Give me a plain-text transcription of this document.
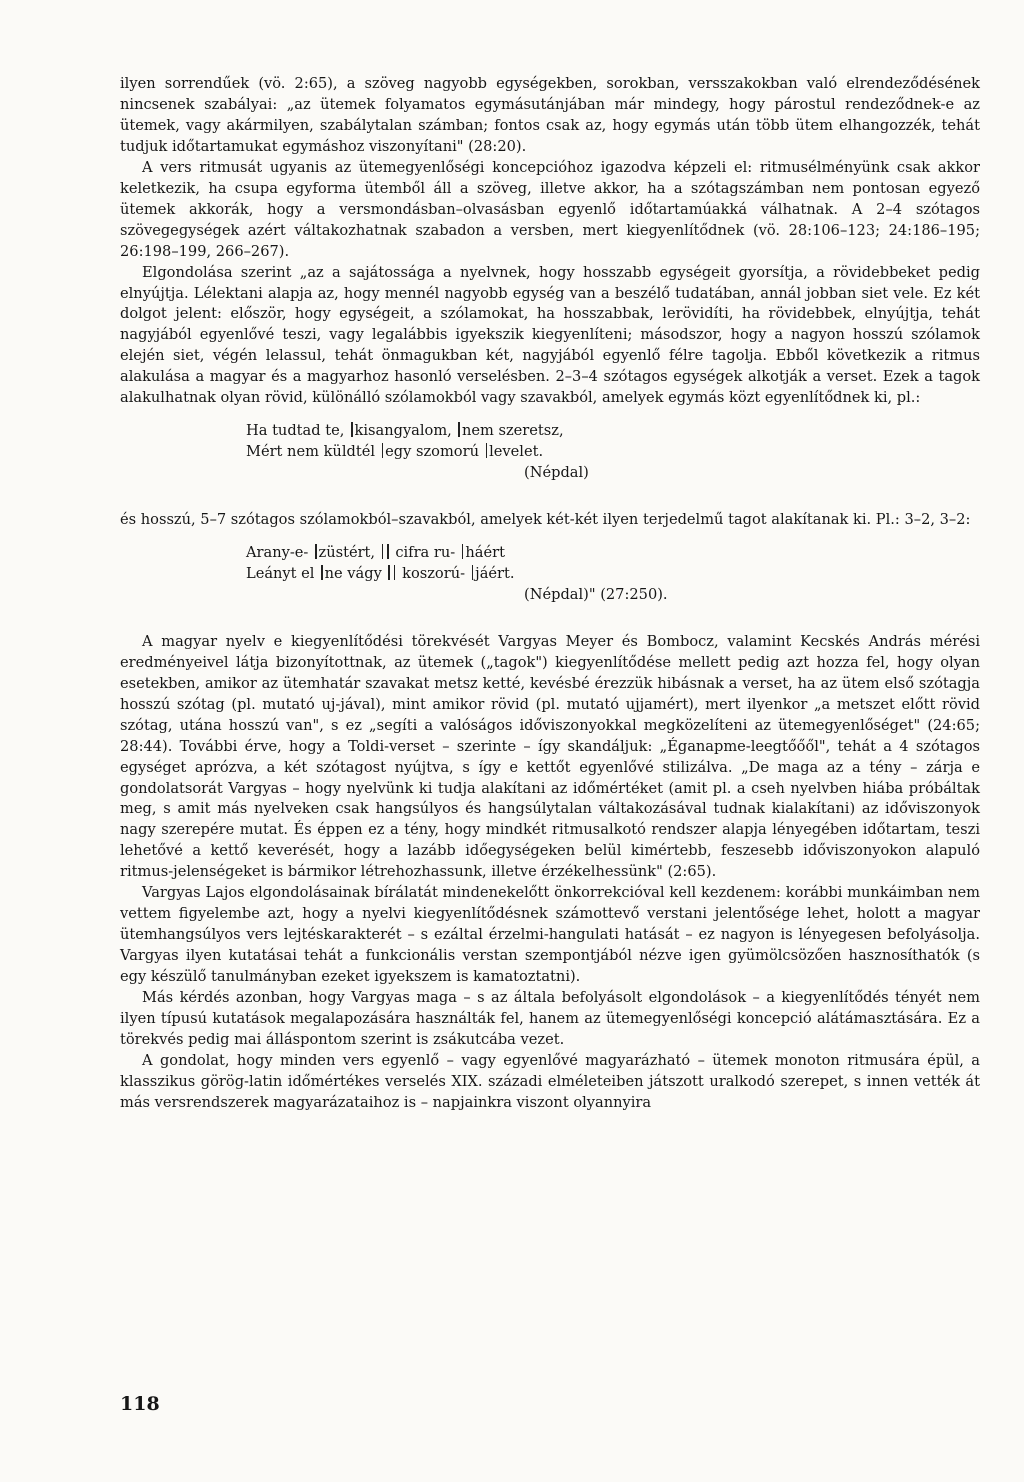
ilyen sorrendűek (vö. 2:65), a szöveg nagyobb egységekben, sorokban, versszakokban való elrendeződésének nincsenek szabályai: „az ütemek folyamatos egymásutánjában már mindegy, hogy párostul rendeződnek-e az ütemek, vagy akármilyen, szabálytalan számban; fontos csak az, hogy egymás után több ütem elhangozzék, tehát tudjuk időtartamukat egymáshoz viszonyítani" (28:20).

A vers ritmusát ugyanis az ütemegyenlőségi koncepcióhoz igazodva képzeli el: ritmusélményünk csak akkor keletkezik, ha csupa egyforma ütemből áll a szöveg, illetve akkor, ha a szótagszámban nem pontosan egyező ütemek akkorák, hogy a versmondásban–olvasásban egyenlő időtartamúakká válhatnak. A 2–4 szótagos szövegegységek azért váltakozhatnak szabadon a versben, mert kiegyenlítődnek (vö. 28:106–123; 24:186–195; 26:198–199, 266–267).

Elgondolása szerint „az a sajátossága a nyelvnek, hogy hosszabb egységeit gyorsítja, a rövidebbeket pedig elnyújtja. Lélektani alapja az, hogy mennél nagyobb egység van a beszélő tudatában, annál jobban siet vele. Ez két dolgot jelent: először, hogy egységeit, a szólamokat, ha hosszabbak, lerövidíti, ha rövidebbek, elnyújtja, tehát nagyjából egyenlővé teszi, vagy legalábbis igyekszik kiegyenlíteni; másodszor, hogy a nagyon hosszú szólamok elején siet, végén lelassul, tehát önmagukban két, nagyjából egyenlő félre tagolja. Ebből következik a ritmus alakulása a magyar és a magyarhoz hasonló verselésben. 2–3–4 szótagos egységek alkotják a verset. Ezek a tagok alakulhatnak olyan rövid, különálló szólamokból vagy szavakból, amelyek egymás közt egyenlítődnek ki, pl.:

Ha tudtad te, kisangyalom, nem szeretsz,
Mért nem küldtél egy szomorú levelet.
(Népdal)

és hosszú, 5–7 szótagos szólamokból–szavakból, amelyek két-két ilyen terjedelmű tagot alakítanak ki. Pl.: 3–2, 3–2:

Arany-e- züstért,  cifra ru- háért
Leányt el ne vágy  koszorú- jáért.
(Népdal)" (27:250).

A magyar nyelv e kiegyenlítődési törekvését Vargyas Meyer és Bombocz, valamint Kecskés András mérési eredményeivel látja bizonyítottnak, az ütemek („tagok") kiegyenlítődése mellett pedig azt hozza fel, hogy olyan esetekben, amikor az ütemhatár szavakat metsz ketté, kevésbé érezzük hibásnak a verset, ha az ütem első szótagja hosszú szótag (pl. mutató uj-jával), mint amikor rövid (pl. mutató ujjamért), mert ilyenkor „a metszet előtt rövid szótag, utána hosszú van", s ez „segíti a valóságos időviszonyokkal megközelíteni az ütemegyenlőséget" (24:65; 28:44). További érve, hogy a Toldi-verset – szerinte – így skandáljuk: „Éganapme-leegtőőől", tehát a 4 szótagos egységet aprózva, a két szótagost nyújtva, s így e kettőt egyenlővé stilizálva. „De maga az a tény – zárja e gondolatsorát Vargyas – hogy nyelvünk ki tudja alakítani az időmértéket (amit pl. a cseh nyelvben hiába próbáltak meg, s amit más nyelveken csak hangsúlyos és hangsúlytalan váltakozásával tudnak kialakítani) az időviszonyok nagy szerepére mutat. És éppen ez a tény, hogy mindkét ritmusalkotó rendszer alapja lényegében időtartam, teszi lehetővé a kettő keverését, hogy a lazább időegységeken belül kimértebb, feszesebb időviszonyokon alapuló ritmus-jelenségeket is bármikor létrehozhassunk, illetve érzékelhessünk" (2:65).

Vargyas Lajos elgondolásainak bírálatát mindenekelőtt önkorrekcióval kell kezdenem: korábbi munkáimban nem vettem figyelembe azt, hogy a nyelvi kiegyenlítődésnek számottevő verstani jelentősége lehet, holott a magyar ütemhangsúlyos vers lejtéskarakterét – s ezáltal érzelmi-hangulati hatását – ez nagyon is lényegesen befolyásolja. Vargyas ilyen kutatásai tehát a funkcionális verstan szempontjából nézve igen gyümölcsözően hasznosíthatók (s egy készülő tanulmányban ezeket igyekszem is kamatoztatni).

Más kérdés azonban, hogy Vargyas maga – s az általa befolyásolt elgondolások – a kiegyenlítődés tényét nem ilyen típusú kutatások megalapozására használták fel, hanem az ütemegyenlőségi koncepció alátámasztására. Ez a törekvés pedig mai álláspontom szerint is zsákutcába vezet.

A gondolat, hogy minden vers egyenlő – vagy egyenlővé magyarázható – ütemek monoton ritmusára épül, a klasszikus görög-latin időmértékes verselés XIX. századi elméleteiben játszott uralkodó szerepet, s innen vették át más versrendszerek magyarázataihoz is – napjainkra viszont olyannyira

118
